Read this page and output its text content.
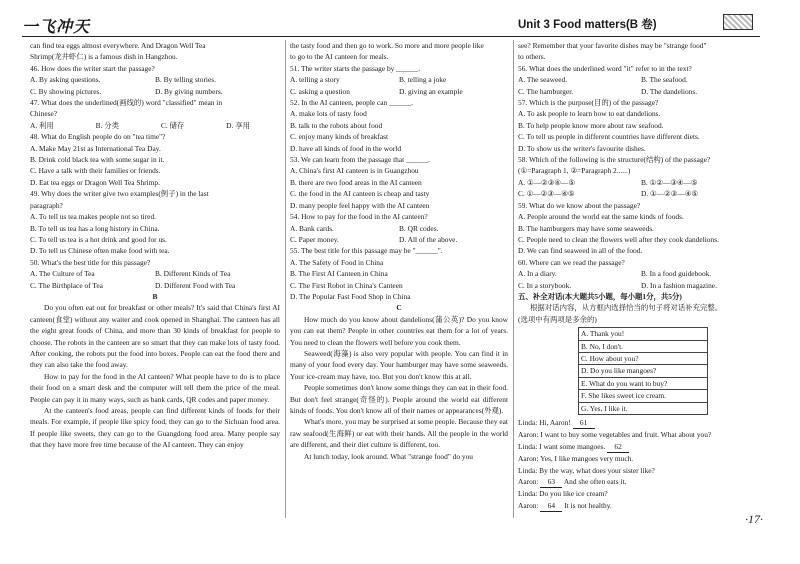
一飞冲天	Unit 3 Food matters(B 卷)
can find tea eggs almost everywhere. And Dragon Well Tea
Shrimp(龙井虾仁) is a famous dish in Hangzhou.
46. How does the writer start the passage?
A. By asking questions.	B. By telling stories.
C. By showing pictures.	D. By giving numbers.
47. What does the underlined(画线的) word "classified" mean in
Chinese?
A. 利用	B. 分类	C. 储存	D. 享用
48. What do English people do on "tea time"?
A. Make May 21st as International Tea Day.
B. Drink cold black tea with some sugar in it.
C. Have a talk with their families or friends.
D. Eat tea eggs or Dragon Well Tea Shrimp.
49. Why does the writer give two examples(例子) in the last
paragraph?
A. To tell us tea makes people not so tired.
B. To tell us tea has a long history in China.
C. To tell us tea is a hot drink and good for us.
D. To tell us Chinese often make food with tea.
50. What's the best title for this passage?
A. The Culture of Tea	B. Different Kinds of Tea
C. The Birthplace of Tea	D. Different Food with Tea
B
Do you often eat out for breakfast or other meals? It's said that China's first AI canteen(食堂) without any waiter and cook opened in Shanghai. The canteen has all the eight great foods of China, and more than 30 kinds of breakfast for people to choose. The robots in the canteen are so smart that they can make lots of tasty food. After cooking, the robots put the food into boxes. People can eat the food there and they can also take the food away.
How to pay for the food in the AI canteen? What people have to do is to place their food on a smart desk and the computer will tell them the price of the meal. People can pay it in many ways, such as bank cards, QR codes and paper money.
At the canteen's food areas, people can find different kinds of foods for their meals. For example, if people like spicy food, they can go to the Sichuan food area. If people like sweets, they can go to the Guangdong food area. Many people say that they have more free time because of the AI canteen. They can enjoy
the tasty food and then go to work. So more and more people like
to go to the AI canteen for meals.
51. The writer starts the passage by ______.
A. telling a story	B. telling a joke
C. asking a question	D. giving an example
52. In the AI canteen, people can ______.
A. make lots of tasty food
B. talk to the robots about food
C. enjoy many kinds of breakfast
D. have all kinds of food in the world
53. We can learn from the passage that ______.
A. China's first AI canteen is in Guangzhou
B. there are two food areas in the AI canteen
C. the food in the AI canteen is cheap and tasty
D. many people feel happy with the AI canteen
54. How to pay for the food in the AI canteen?
A. Bank cards.	B. QR codes.
C. Paper money.	D. All of the above.
55. The best title for this passage may be "______".
A. The Safety of Food in China
B. The First AI Canteen in China
C. The First Robot in China's Canteen
D. The Popular Fast Food Shop in China
C
How much do you know about dandelions(蒲公英)? Do you know you can eat them? People in other countries eat them for a lot of years. You need to clean the flowers well before you cook them.
Seaweed(海藻) is also very popular with people. You can find it in many of your food every day. Your hamburger may have some seaweeds. Your ice-cream may have, too. But you don't know this at all.
People sometimes don't know some things they can eat in their food. But don't feel strange(奇怪的). People around the world eat different kinds of foods. You don't know all of their names or appearances(外观).
What's more, you may be surprised at some people. Because they eat raw seafood(生海鲜) or eat with their hands. All the people in the world are different, and their diet culture is different, too.
At lunch today, look around. What "strange food" do you
see? Remember that your favorite dishes may be "strange food"
to others.
56. What does the underlined word "it" refer to in the text?
A. The seaweed.	B. The seafood.
C. The hamburger.	D. The dandelions.
57. Which is the purpose(目的) of the passage?
A. To ask people to learn how to eat dandelions.
B. To help people know more about raw seafood.
C. To tell us people in different countries have different diets.
D. To show us the writer's favourite dishes.
58. Which of the following is the structure(结构) of the passage?
(①=Paragraph 1, ②=Paragraph 2......)
A. ①—②③④—⑤	B. ①②—③④—⑤
C. ①—②③—④⑤	D. ①—②③—④⑤
59. What do we know about the passage?
A. People around the world eat the same kinds of foods.
B. The hamburgers may have some seaweeds.
C. People need to clean the flowers well after they cook dandelions.
D. We can find seaweed in all of the food.
60. Where can we read the passage?
A. In a diary.	B. In a food guidebook.
C. In a storybook.	D. In a fashion magazine.
五、补全对话(本大题共5小题，每小题1分，共5分)
根据对话内容，从方框内选择恰当的句子将对话补充完整。
(选项中有两项是多余的)
A. Thank you!
B. No, I don't.
C. How about you?
D. Do you like mangoes?
E. What do you want to buy?
F. She likes sweet ice cream.
G. Yes, I like it.
Linda: Hi, Aaron! 61
Aaron: I want to buy some vegetables and fruit. What about you?
Linda: I want some mangoes. 62
Aaron: Yes, I like mangoes very much.
Linda: By the way, what does your sister like?
Aaron: 63 And she often eats it.
Linda: Do you like ice cream?
Aaron: 64 It is not healthy.
·17·
